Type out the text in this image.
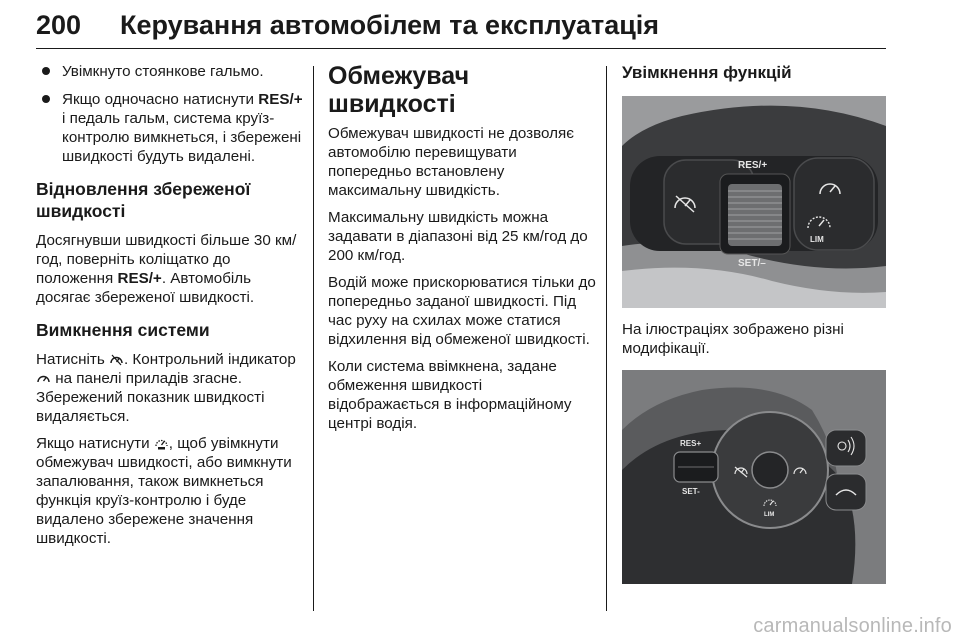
200 Керування автомобілем та експлуатація
Увімкнуто стоянкове гальмо.
Якщо одночасно натиснути RES/+ і педаль гальм, система круїз-контролю вимкнеться, і збережені швидкості будуть видалені.
Відновлення збереженої швидкості

Досягнувши швидкості більше 30 км/год, поверніть коліщатко до положення RES/+. Автомобіль досягає збереженої швидкості.

Вимкнення системи

Натисніть . Контрольний індикатор  на панелі приладів згасне. Збережений показник швидкості видаляється.

Якщо натиснути , щоб увімкнути обмежувач швидкості, або вимкнути запалювання, також вимкнеться функція круїз-контролю і буде видалено збережене значення швидкості.

Обмежувач швидкості

Обмежувач швидкості не дозволяє автомобілю перевищувати попередньо встановлену максимальну швидкість.

Максимальну швидкість можна задавати в діапазоні від 25 км/год до 200 км/год.

Водій може прискорюватися тільки до попередньо заданої швидкості. Під час руху на схилах може статися відхилення від обмеженої швидкості.

Коли система ввімкнена, задане обмеження швидкості відображається в інформаційному центрі водія.

Увімкнення функцій
RES/+
SET/–
LIM

На ілюстраціях зображено різні модифікації.

RES+
SET-
LIM
carmanualsonline.info
